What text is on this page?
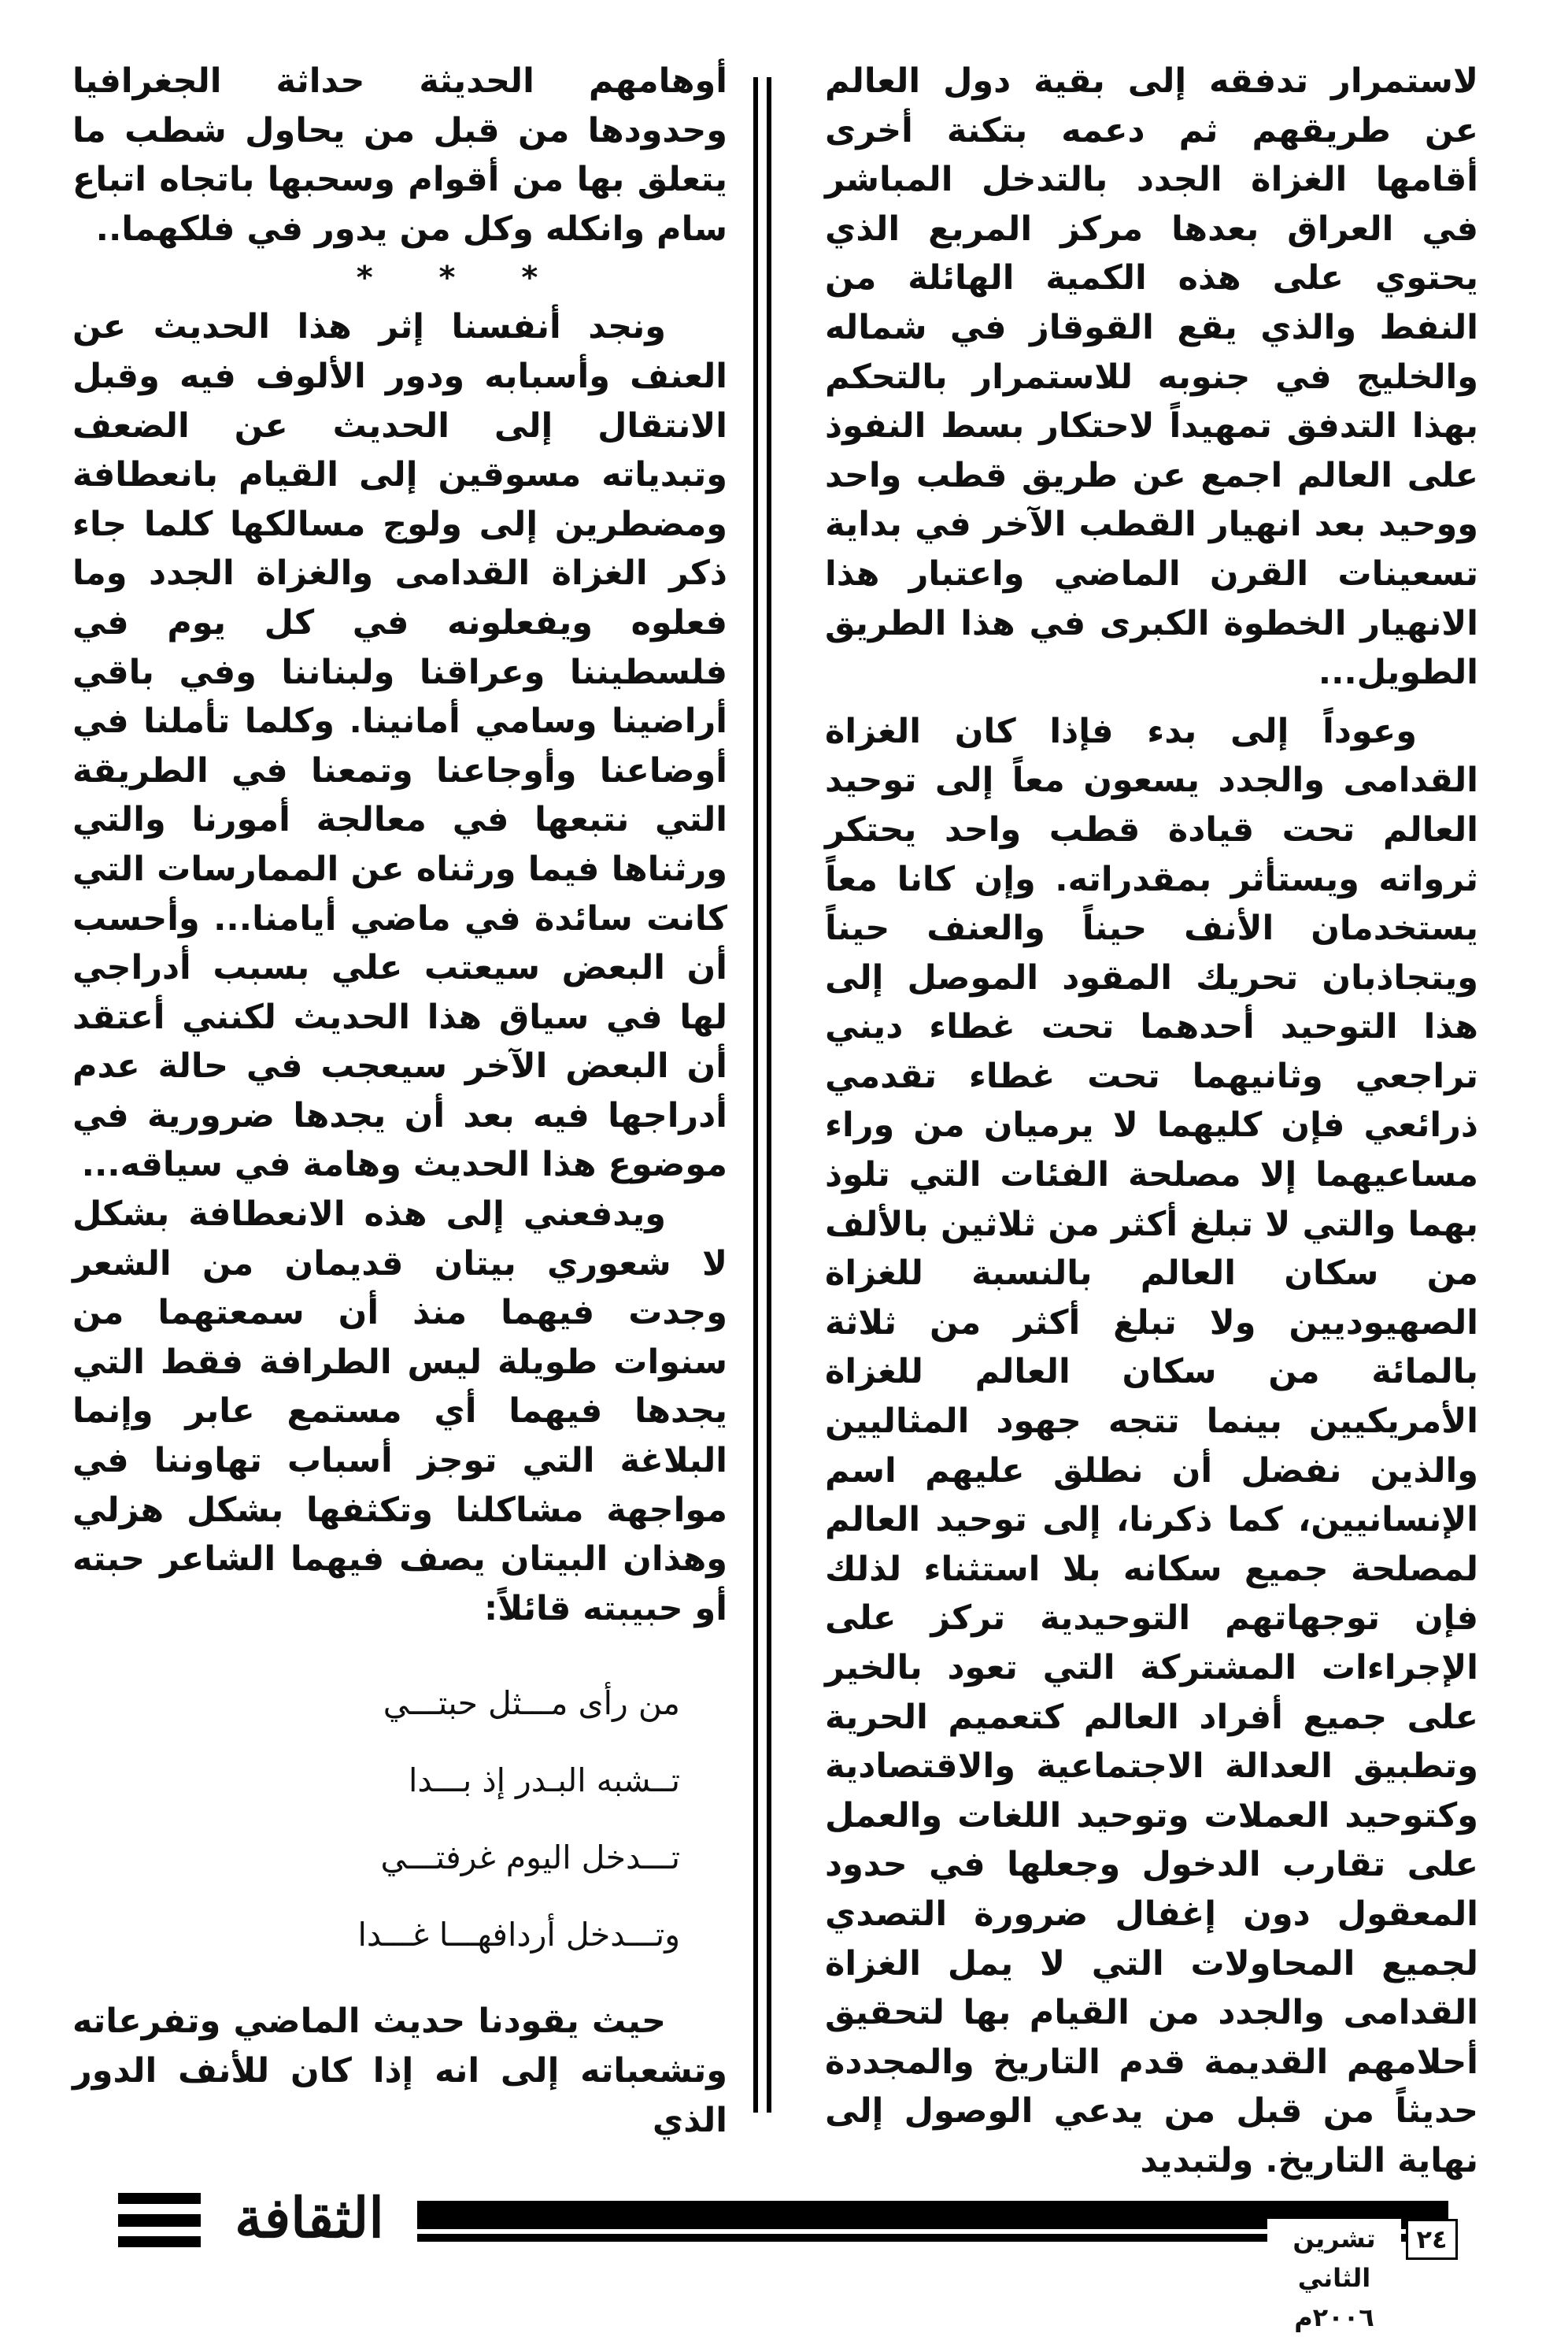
لاستمرار تدفقه إلى بقية دول العالم عن طريقهم ثم دعمه بتكنة أخرى أقامها الغزاة الجدد بالتدخل المباشر في العراق بعدها مركز المربع الذي يحتوي على هذه الكمية الهائلة من النفط والذي يقع القوقاز في شماله والخليج في جنوبه للاستمرار بالتحكم بهذا التدفق تمهيداً لاحتكار بسط النفوذ على العالم اجمع عن طريق قطب واحد ووحيد بعد انهيار القطب الآخر في بداية تسعينات القرن الماضي واعتبار هذا الانهيار الخطوة الكبرى في هذا الطريق الطويل...

وعوداً إلى بدء فإذا كان الغزاة القدامى والجدد يسعون معاً إلى توحيد العالم تحت قيادة قطب واحد يحتكر ثرواته ويستأثر بمقدراته. وإن كانا معاً يستخدمان الأنف حيناً والعنف حيناً ويتجاذبان تحريك المقود الموصل إلى هذا التوحيد أحدهما تحت غطاء ديني تراجعي وثانيهما تحت غطاء تقدمي ذرائعي فإن كليهما لا يرميان من وراء مساعيهما إلا مصلحة الفئات التي تلوذ بهما والتي لا تبلغ أكثر من ثلاثين بالألف من سكان العالم بالنسبة للغزاة الصهيوديين ولا تبلغ أكثر من ثلاثة بالمائة من سكان العالم للغزاة الأمريكيين بينما تتجه جهود المثاليين والذين نفضل أن نطلق عليهم اسم الإنسانيين، كما ذكرنا، إلى توحيد العالم لمصلحة جميع سكانه بلا استثناء لذلك فإن توجهاتهم التوحيدية تركز على الإجراءات المشتركة التي تعود بالخير على جميع أفراد العالم كتعميم الحرية وتطبيق العدالة الاجتماعية والاقتصادية وكتوحيد العملات وتوحيد اللغات والعمل على تقارب الدخول وجعلها في حدود المعقول دون إغفال ضرورة التصدي لجميع المحاولات التي لا يمل الغزاة القدامى والجدد من القيام بها لتحقيق أحلامهم القديمة قدم التاريخ والمجددة حديثاً من قبل من يدعي الوصول إلى نهاية التاريخ. ولتبديد

أوهامهم الحديثة حداثة الجغرافيا وحدودها من قبل من يحاول شطب ما يتعلق بها من أقوام وسحبها باتجاه اتباع سام وانكله وكل من يدور في فلكهما..

* * *

ونجد أنفسنا إثر هذا الحديث عن العنف وأسبابه ودور الألوف فيه وقبل الانتقال إلى الحديث عن الضعف وتبدياته مسوقين إلى القيام بانعطافة ومضطرين إلى ولوج مسالكها كلما جاء ذكر الغزاة القدامى والغزاة الجدد وما فعلوه ويفعلونه في كل يوم في فلسطيننا وعراقنا ولبناننا وفي باقي أراضينا وسامي أمانينا. وكلما تأملنا في أوضاعنا وأوجاعنا وتمعنا في الطريقة التي نتبعها في معالجة أمورنا والتي ورثناها فيما ورثناه عن الممارسات التي كانت سائدة في ماضي أيامنا... وأحسب أن البعض سيعتب علي بسبب أدراجي لها في سياق هذا الحديث لكنني أعتقد أن البعض الآخر سيعجب في حالة عدم أدراجها فيه بعد أن يجدها ضرورية في موضوع هذا الحديث وهامة في سياقه...

ويدفعني إلى هذه الانعطافة بشكل لا شعوري بيتان قديمان من الشعر وجدت فيهما منذ أن سمعتهما من سنوات طويلة ليس الطرافة فقط التي يجدها فيهما أي مستمع عابر وإنما البلاغة التي توجز أسباب تهاوننا في مواجهة مشاكلنا وتكثفها بشكل هزلي وهذان البيتان يصف فيهما الشاعر حبته أو حبيبته قائلاً:

من رأى مـــثل حبتـــي
تــشبه البـدر إذ بـــدا
تـــدخل اليوم غرفتـــي
وتـــدخل أردافهـــا غـــدا

حيث يقودنا حديث الماضي وتفرعاته وتشعباته إلى انه إذا كان للأنف الدور الذي

الثقافة	تشرين الثاني ٢٠٠٦م
٢٤
